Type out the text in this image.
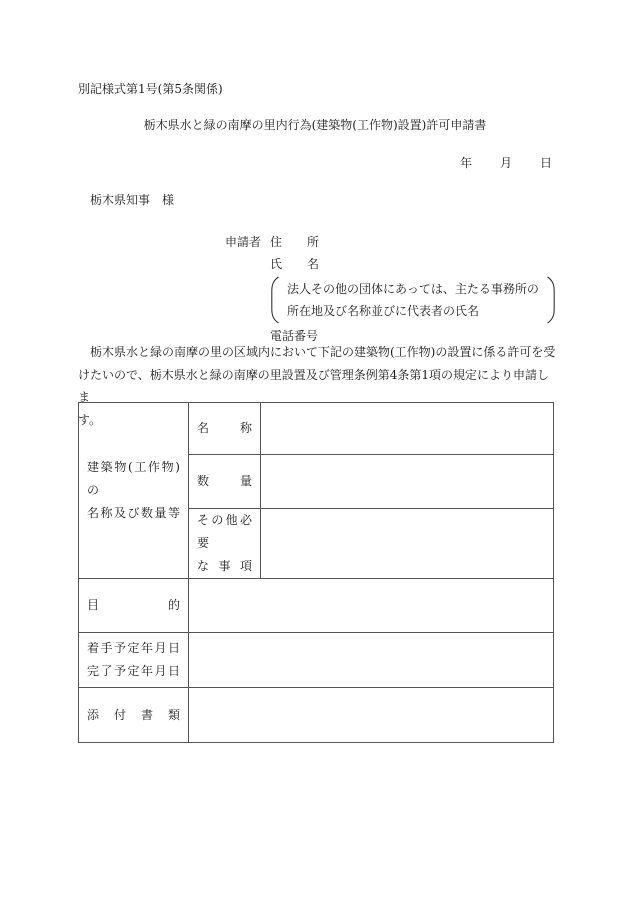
別記様式第1号(第5条関係)
栃木県水と緑の南摩の里内行為(建築物(工作物)設置)許可申請書
年 月 日
栃木県知事　様
申請者 住所
氏名
法人その他の団体にあっては、主たる事務所の
所在地及び名称並びに代表者の氏名
電話番号
　栃木県水と緑の南摩の里の区域内において下記の建築物(工作物)の設置に係る許可を受
けたいので、栃木県水と緑の南摩の里設置及び管理条例第4条第1項の規定により申請しま
す。
建築物(工作物)の
名称及び数量等	名称	

	数量	

	その他必要
な事項	

目的		

着手予定年月日
完了予定年月日		

添付書類		
